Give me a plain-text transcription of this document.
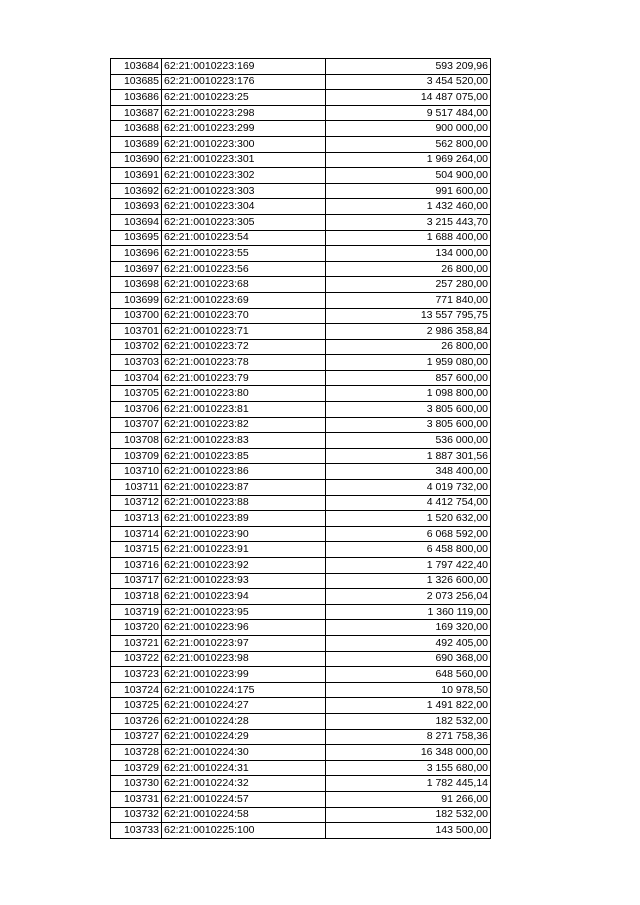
103684	62:21:0010223:169	593 209,96
103685	62:21:0010223:176	3 454 520,00
103686	62:21:0010223:25	14 487 075,00
103687	62:21:0010223:298	9 517 484,00
103688	62:21:0010223:299	900 000,00
103689	62:21:0010223:300	562 800,00
103690	62:21:0010223:301	1 969 264,00
103691	62:21:0010223:302	504 900,00
103692	62:21:0010223:303	991 600,00
103693	62:21:0010223:304	1 432 460,00
103694	62:21:0010223:305	3 215 443,70
103695	62:21:0010223:54	1 688 400,00
103696	62:21:0010223:55	134 000,00
103697	62:21:0010223:56	26 800,00
103698	62:21:0010223:68	257 280,00
103699	62:21:0010223:69	771 840,00
103700	62:21:0010223:70	13 557 795,75
103701	62:21:0010223:71	2 986 358,84
103702	62:21:0010223:72	26 800,00
103703	62:21:0010223:78	1 959 080,00
103704	62:21:0010223:79	857 600,00
103705	62:21:0010223:80	1 098 800,00
103706	62:21:0010223:81	3 805 600,00
103707	62:21:0010223:82	3 805 600,00
103708	62:21:0010223:83	536 000,00
103709	62:21:0010223:85	1 887 301,56
103710	62:21:0010223:86	348 400,00
103711	62:21:0010223:87	4 019 732,00
103712	62:21:0010223:88	4 412 754,00
103713	62:21:0010223:89	1 520 632,00
103714	62:21:0010223:90	6 068 592,00
103715	62:21:0010223:91	6 458 800,00
103716	62:21:0010223:92	1 797 422,40
103717	62:21:0010223:93	1 326 600,00
103718	62:21:0010223:94	2 073 256,04
103719	62:21:0010223:95	1 360 119,00
103720	62:21:0010223:96	169 320,00
103721	62:21:0010223:97	492 405,00
103722	62:21:0010223:98	690 368,00
103723	62:21:0010223:99	648 560,00
103724	62:21:0010224:175	10 978,50
103725	62:21:0010224:27	1 491 822,00
103726	62:21:0010224:28	182 532,00
103727	62:21:0010224:29	8 271 758,36
103728	62:21:0010224:30	16 348 000,00
103729	62:21:0010224:31	3 155 680,00
103730	62:21:0010224:32	1 782 445,14
103731	62:21:0010224:57	91 266,00
103732	62:21:0010224:58	182 532,00
103733	62:21:0010225:100	143 500,00
